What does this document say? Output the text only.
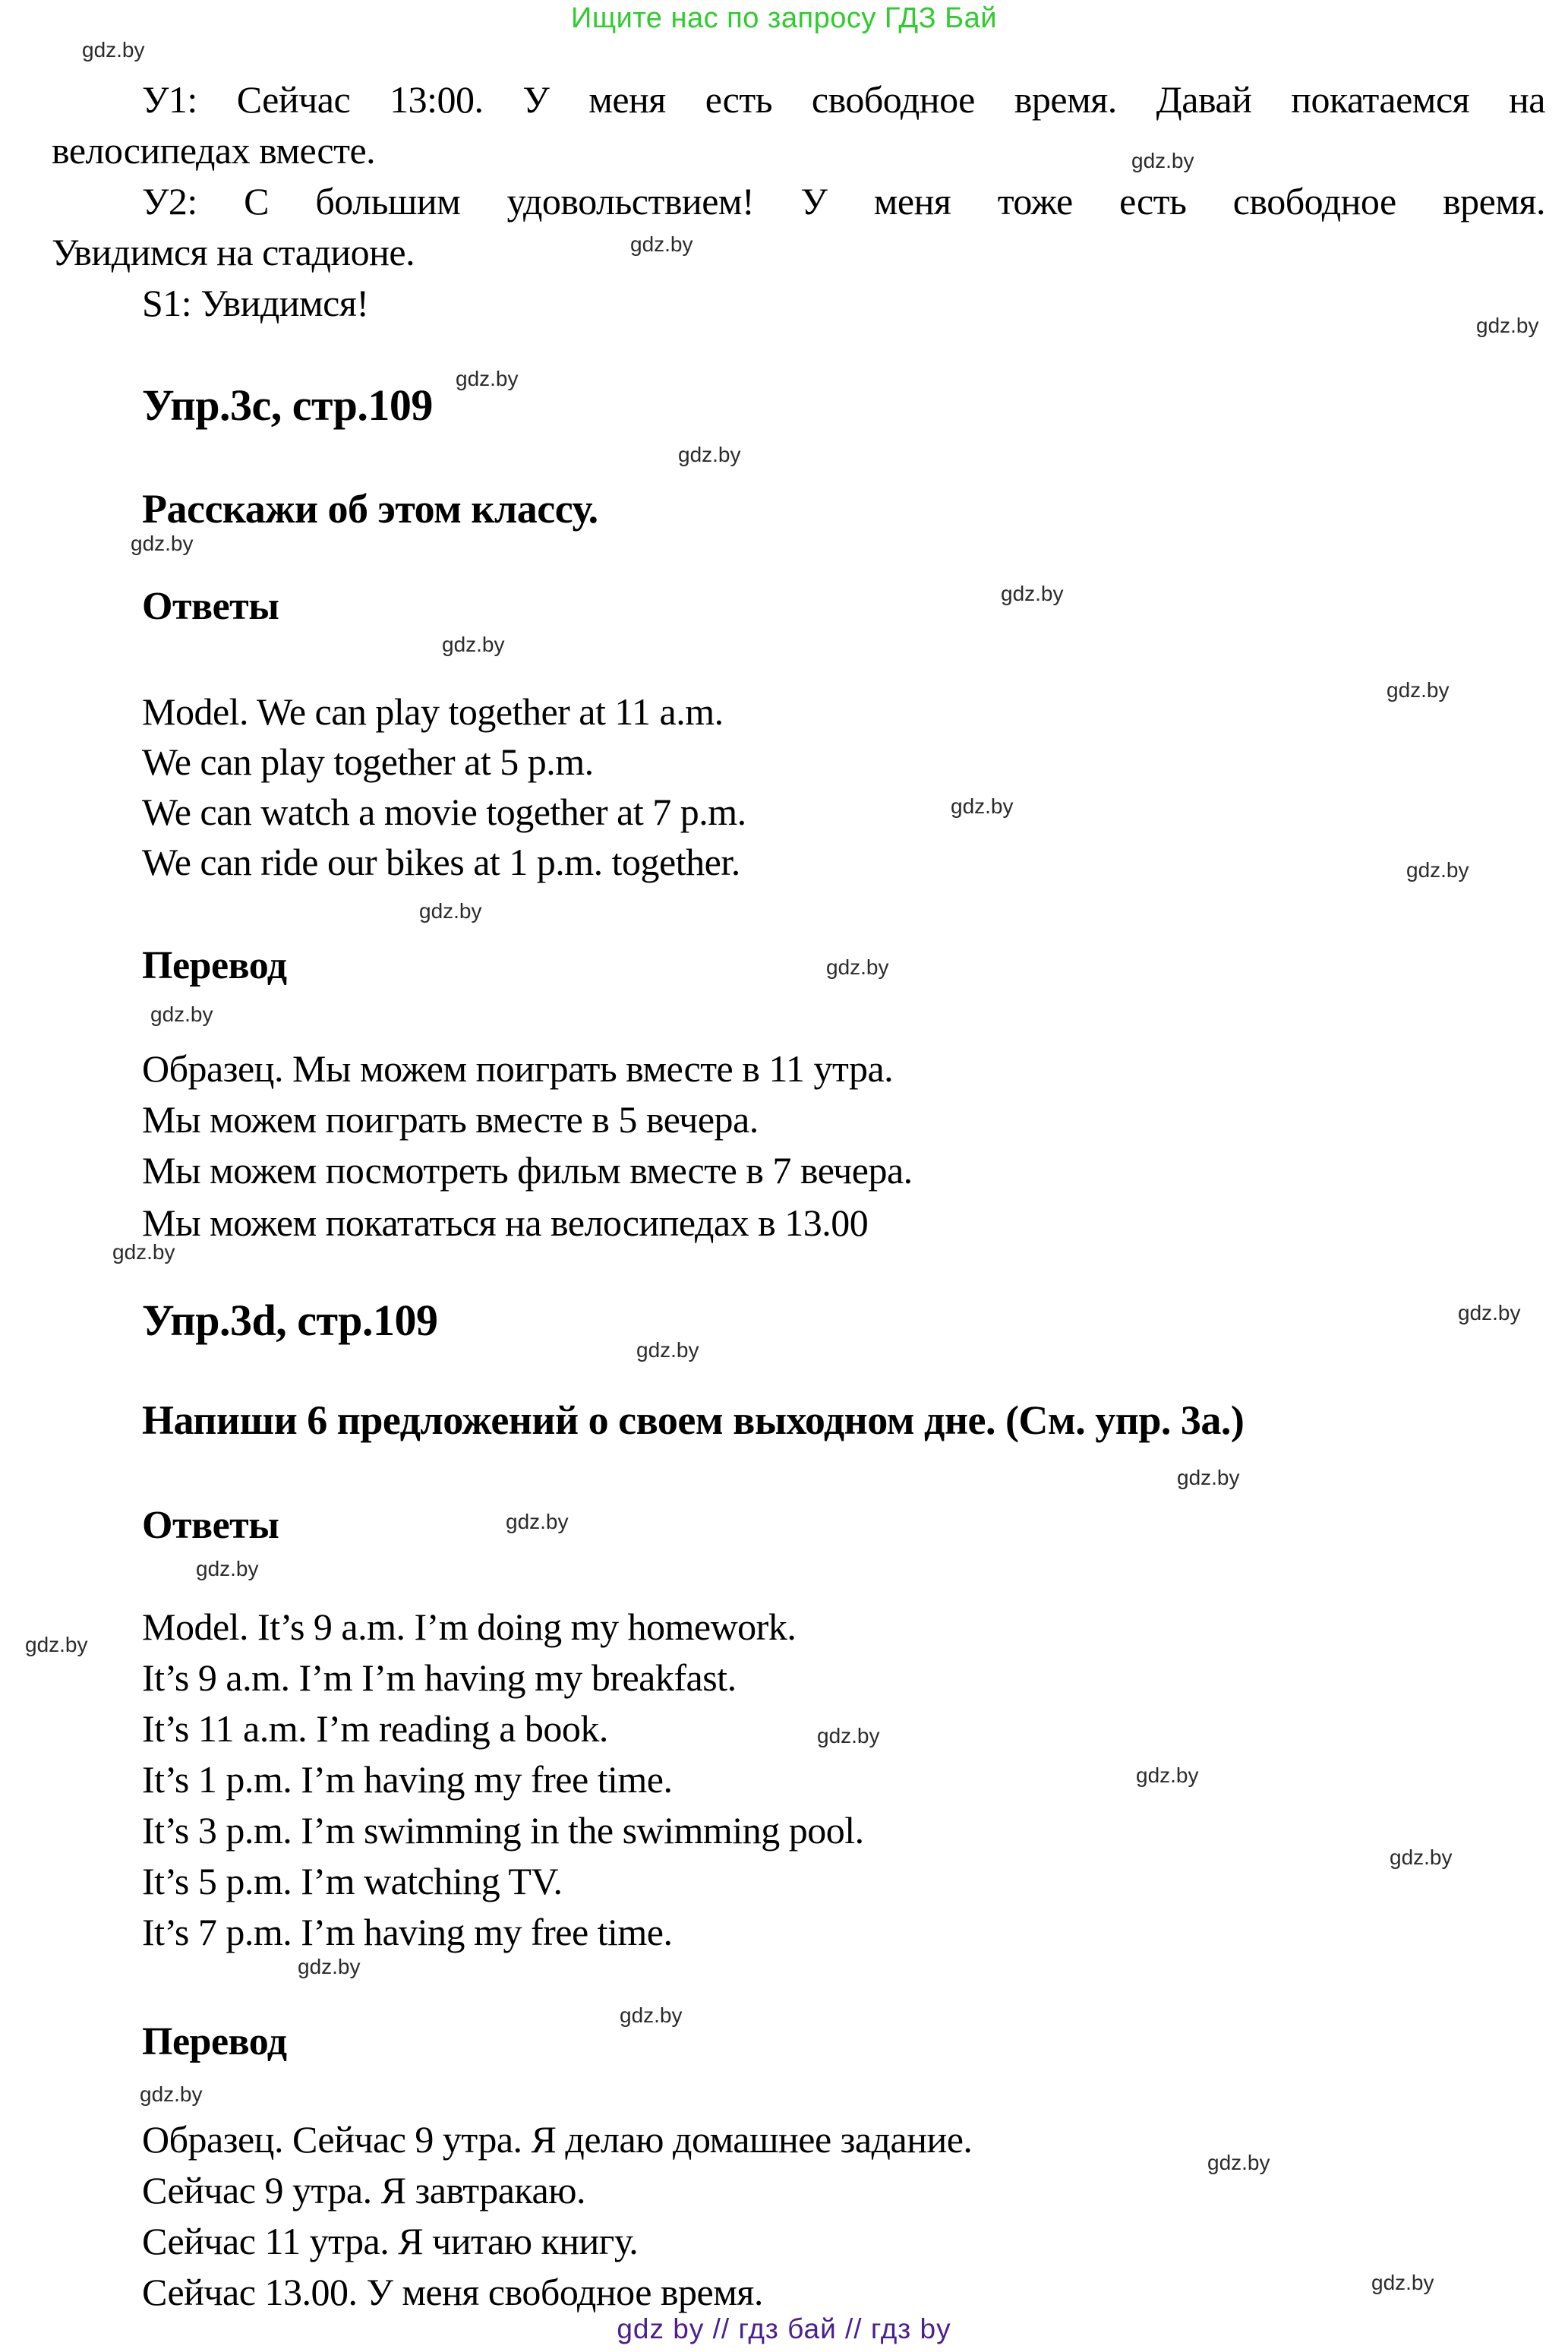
Ищите нас по запросу ГДЗ Бай
У1: Сейчас 13:00. У меня есть свободное время. Давай покатаемся на
велосипедах вместе.
У2: С большим удовольствием! У меня тоже есть свободное время.
Увидимся на стадионе.
S1: Увидимся!
Упр.3c, стр.109
Расскажи об этом классу.
Ответы
Model. We can play together at 11 a.m.
We can play together at 5 p.m.
We can watch a movie together at 7 p.m.
We can ride our bikes at 1 p.m. together.
Перевод
Образец. Мы можем поиграть вместе в 11 утра.
Мы можем поиграть вместе в 5 вечера.
Мы можем посмотреть фильм вместе в 7 вечера.
Мы можем покататься на велосипедах в 13.00
Упр.3d, стр.109
Напиши 6 предложений о своем выходном дне. (См. упр. 3а.)
Ответы
Model. It’s 9 a.m. I’m doing my homework.
It’s 9 a.m. I’m I’m having my breakfast.
It’s 11 a.m. I’m reading a book.
It’s 1 p.m. I’m having my free time.
It’s 3 p.m. I’m swimming in the swimming pool.
It’s 5 p.m. I’m watching TV.
It’s 7 p.m. I’m having my free time.
Перевод
Образец. Сейчас 9 утра. Я делаю домашнее задание.
Сейчас 9 утра. Я завтракаю.
Сейчас 11 утра. Я читаю книгу.
Сейчас 13.00. У меня свободное время.
gdz.by
gdz.by
gdz.by
gdz.by
gdz.by
gdz.by
gdz.by
gdz.by
gdz.by
gdz.by
gdz.by
gdz.by
gdz.by
gdz.by
gdz.by
gdz.by
gdz.by
gdz.by
gdz.by
gdz.by
gdz.by
gdz.by
gdz.by
gdz.by
gdz.by
gdz.by
gdz.by
gdz.by
gdz.by
gdz.by
gdz by // гдз бай // гдз by
